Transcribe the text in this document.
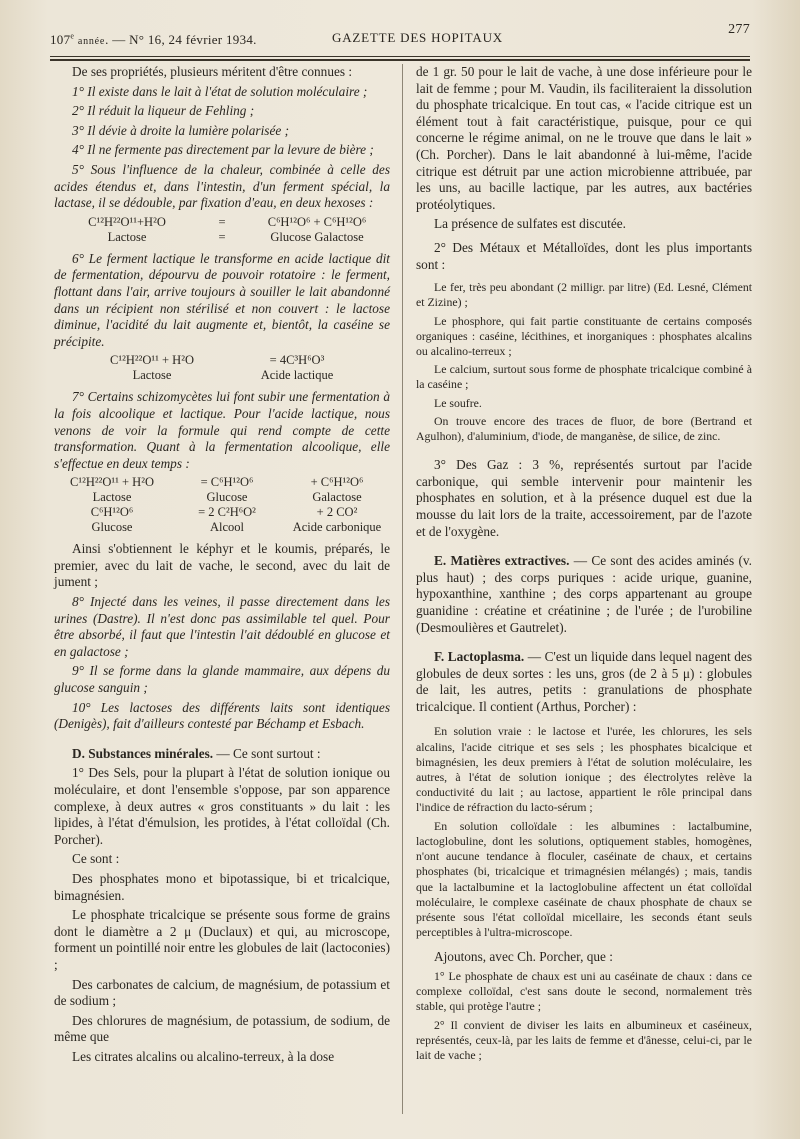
107e année. — N° 16, 24 février 1934.	GAZETTE DES HOPITAUX
277

De ses propriétés, plusieurs méritent d'être connues :

1° Il existe dans le lait à l'état de solution moléculaire ;

2° Il réduit la liqueur de Fehling ;

3° Il dévie à droite la lumière polarisée ;

4° Il ne fermente pas directement par la levure de bière ;

5° Sous l'influence de la chaleur, combinée à celle des acides étendus et, dans l'intestin, d'un ferment spécial, la lactase, il se dédouble, par fixation d'eau, en deux hexoses :

C¹²H²²O¹¹+H²O	=	C⁶H¹²O⁶ + C⁶H¹²O⁶
Lactose	=	Glucose Galactose

6° Le ferment lactique le transforme en acide lactique dit de fermentation, dépourvu de pouvoir rotatoire : le ferment, flottant dans l'air, arrive toujours à souiller le lait abandonné dans un récipient non stérilisé et non couvert : le lactose diminue, l'acidité du lait augmente et, bientôt, la caséine se précipite.

C¹²H²²O¹¹ + H²O	= 4C³H⁶O³
Lactose	Acide lactique

7° Certains schizomycètes lui font subir une fermentation à la fois alcoolique et lactique. Pour l'acide lactique, nous venons de voir la formule qui rend compte de cette transformation. Quant à la fermentation alcoolique, elle s'effectue en deux temps :

C¹²H²²O¹¹ + H²O	= C⁶H¹²O⁶	+ C⁶H¹²O⁶
Lactose	Glucose	Galactose
C⁶H¹²O⁶	= 2 C²H⁶O²	+ 2 CO²
Glucose	Alcool	Acide carbonique

Ainsi s'obtiennent le képhyr et le koumis, préparés, le premier, avec du lait de vache, le second, avec du lait de jument ;

8° Injecté dans les veines, il passe directement dans les urines (Dastre). Il n'est donc pas assimilable tel quel. Pour être absorbé, il faut que l'intestin l'ait dédoublé en glucose et en galactose ;

9° Il se forme dans la glande mammaire, aux dépens du glucose sanguin ;

10° Les lactoses des différents laits sont identiques (Denigès), fait d'ailleurs contesté par Béchamp et Esbach.

D. Substances minérales. — Ce sont surtout :

1° Des Sels, pour la plupart à l'état de solution ionique ou moléculaire, et dont l'ensemble s'oppose, par son apparence complexe, à deux autres « gros constituants » du lait : les lipides, à l'état d'émulsion, les protides, à l'état colloïdal (Ch. Porcher).

Ce sont :

Des phosphates mono et bipotassique, bi et tricalcique, bimagnésien.

Le phosphate tricalcique se présente sous forme de grains dont le diamètre a 2 μ (Duclaux) et qui, au microscope, forment un pointillé noir entre les globules de lait (lactoconies) ;

Des carbonates de calcium, de magnésium, de potassium et de sodium ;

Des chlorures de magnésium, de potassium, de sodium, de même que

Les citrates alcalins ou alcalino-terreux, à la dose

de 1 gr. 50 pour le lait de vache, à une dose inférieure pour le lait de femme ; pour M. Vaudin, ils faciliteraient la dissolution du phosphate tricalcique. En tout cas, « l'acide citrique est un élément tout à fait caractéristique, puisque, pour ce qui concerne le régime animal, on ne le trouve que dans le lait » (Ch. Porcher). Dans le lait abandonné à lui-même, l'acide citrique est détruit par une action microbienne attribuée, par les uns, au bacille lactique, par les autres, aux bactéries protéolytiques.

La présence de sulfates est discutée.

2° Des Métaux et Métalloïdes, dont les plus importants sont :

Le fer, très peu abondant (2 milligr. par litre) (Ed. Lesné, Clément et Zizine) ;

Le phosphore, qui fait partie constituante de certains composés organiques : caséine, lécithines, et inorganiques : phosphates alcalins ou alcalino-terreux ;

Le calcium, surtout sous forme de phosphate tricalcique combiné à la caséine ;

Le soufre.

On trouve encore des traces de fluor, de bore (Bertrand et Agulhon), d'aluminium, d'iode, de manganèse, de silice, de zinc.

3° Des Gaz : 3 %, représentés surtout par l'acide carbonique, qui semble intervenir pour maintenir les phosphates en solution, et à la présence duquel est due la mousse du lait lors de la traite, accessoirement, par de l'azote et de l'oxygène.

E. Matières extractives. — Ce sont des acides aminés (v. plus haut) ; des corps puriques : acide urique, guanine, hypoxanthine, xanthine ; des corps appartenant au groupe guanidine : créatine et créatinine ; de l'urée ; de l'urobiline (Desmoulières et Gautrelet).

F. Lactoplasma. — C'est un liquide dans lequel nagent des globules de deux sortes : les uns, gros (de 2 à 5 μ) : globules de lait, les autres, petits : granulations de phosphate tricalcique. Il contient (Arthus, Porcher) :

En solution vraie : le lactose et l'urée, les chlorures, les sels alcalins, l'acide citrique et ses sels ; les phosphates bicalcique et bimagnésien, les deux premiers à l'état de solution moléculaire, les autres, à l'état de solution ionique ; des électrolytes relève la conductivité du lait ; au lactose, appartient le rôle principal dans l'indice de réfraction du lacto-sérum ;

En solution colloïdale : les albumines : lactalbumine, lactoglobuline, dont les solutions, optiquement stables, homogènes, n'ont aucune tendance à floculer, caséinate de chaux, et certains phosphates (bi, tricalcique et trimagnésien mélangés) ; mais, tandis que la lactalbumine et la lactoglobuline affectent un état colloïdal moléculaire, le complexe caséinate de chaux phosphate de chaux se présente sous l'état colloïdal micellaire, les seconds étant seuls perceptibles à l'ultra-microscope.

Ajoutons, avec Ch. Porcher, que :

1° Le phosphate de chaux est uni au caséinate de chaux : dans ce complexe colloïdal, c'est sans doute le second, normalement très stable, qui protège l'autre ;

2° Il convient de diviser les laits en albumineux et caséineux, représentés, ceux-là, par les laits de femme et d'ânesse, celui-ci, par le lait de vache ;
